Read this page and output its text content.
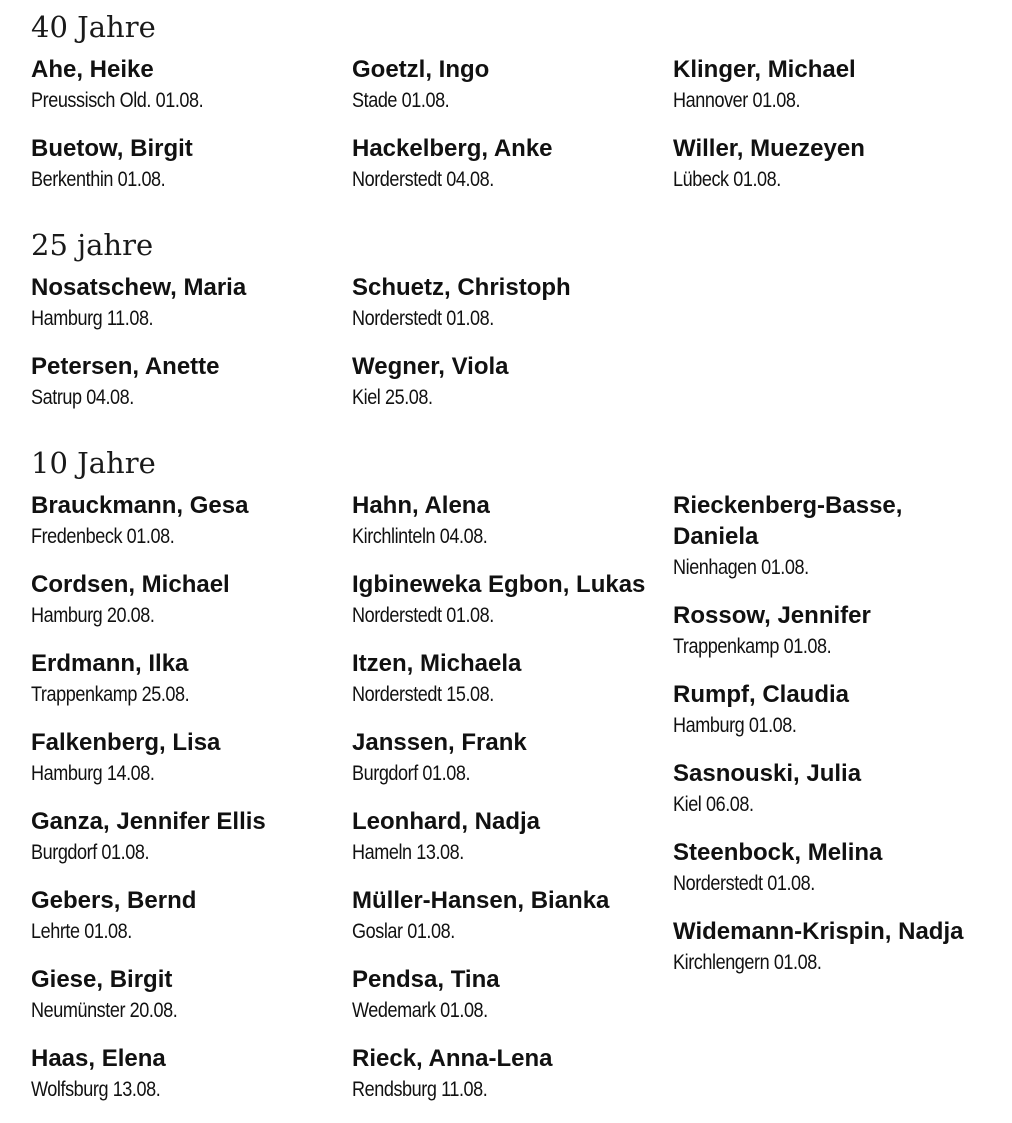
40 Jahre
Ahe, Heike
Preussisch Old. 01.08.
Buetow, Birgit
Berkenthin 01.08.
Goetzl, Ingo
Stade 01.08.
Hackelberg, Anke
Norderstedt 04.08.
Klinger, Michael
Hannover 01.08.
Willer, Muezeyen
Lübeck 01.08.
25 jahre
Nosatschew, Maria
Hamburg 11.08.
Petersen, Anette
Satrup 04.08.
Schuetz, Christoph
Norderstedt 01.08.
Wegner, Viola
Kiel 25.08.
10 Jahre
Brauckmann, Gesa
Fredenbeck 01.08.
Cordsen, Michael
Hamburg 20.08.
Erdmann, Ilka
Trappenkamp 25.08.
Falkenberg, Lisa
Hamburg 14.08.
Ganza, Jennifer Ellis
Burgdorf 01.08.
Gebers, Bernd
Lehrte 01.08.
Giese, Birgit
Neumünster 20.08.
Haas, Elena
Wolfsburg 13.08.
Hahn, Alena
Kirchlinteln 04.08.
Igbineweka Egbon, Lukas
Norderstedt 01.08.
Itzen, Michaela
Norderstedt 15.08.
Janssen, Frank
Burgdorf 01.08.
Leonhard, Nadja
Hameln 13.08.
Müller-Hansen, Bianka
Goslar 01.08.
Pendsa, Tina
Wedemark 01.08.
Rieck, Anna-Lena
Rendsburg 11.08.
Rieckenberg-Basse, Daniela
Nienhagen 01.08.
Rossow, Jennifer
Trappenkamp 01.08.
Rumpf, Claudia
Hamburg 01.08.
Sasnouski, Julia
Kiel 06.08.
Steenbock, Melina
Norderstedt 01.08.
Widemann-Krispin, Nadja
Kirchlengern 01.08.
